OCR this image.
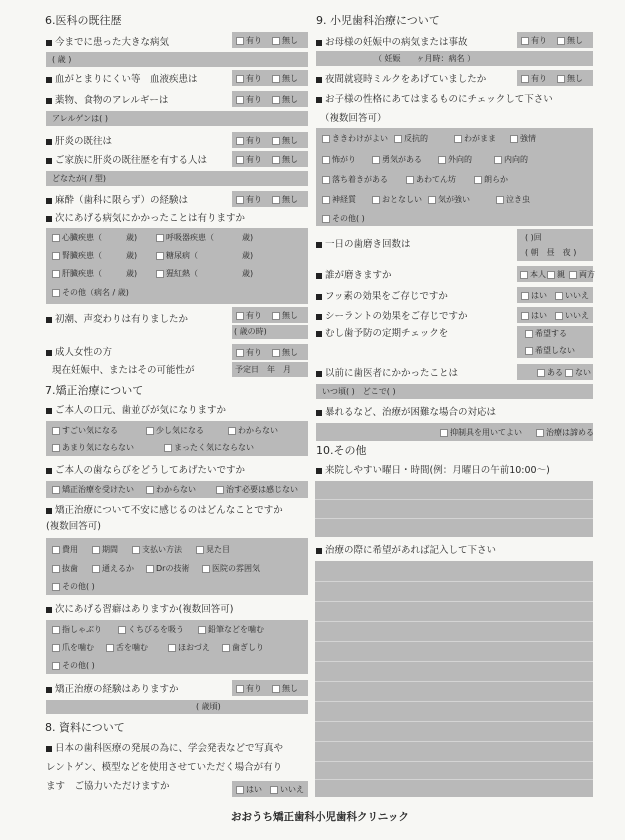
6.医科の既往歴
今までに患った大きな病気	有り	無し
( 歳 )
血がとまりにくい等　血液疾患は	有り	無し
薬物、食物のアレルギーは	有り	無し
アレルゲンは( )
肝炎の既往は	有り	無し
ご家族に肝炎の既往歴を有する人は	有り	無し
どなたが( / 型)
麻酔（歯科に限らず）の経験は	有り	無し
次にあげる病気にかかったことは有りますか
心臓疾患（	歳)	呼吸器疾患（	歳)
腎臓疾患（	歳)	糖尿病（	歳)
肝臓疾患（	歳)	猩紅熱（	歳)
その他（病名 / 歳)
初潮、声変わりは有りましたか	有り	無し
( 歳の時)
成人女性の方	有り	無し
現在妊娠中、またはその可能性が	予定日　年　月
7.矯正治療について
ご本人の口元、歯並びが気になりますか
すごい気になる	少し気になる	わからない
あまり気にならない	まったく気にならない
ご本人の歯ならびをどうしてあげたいですか
矯正治療を受けたい	わからない	治す必要は感じない
矯正治療について不安に感じるのはどんなことですか
(複数回答可)
費用	期間	支払い方法	見た目
抜歯	通えるか	Drの技術	医院の雰囲気
その他( )
次にあげる習癖はありますか(複数回答可)
指しゃぶり	くちびるを吸う	鉛筆などを噛む
爪を噛む	舌を噛む	ほおづえ	歯ぎしり
その他( )
矯正治療の経験はありますか	有り	無し
( 歳頃)
8. 資料について
日本の歯科医療の発展の為に、学会発表などで写真や
レントゲン、模型などを使用させていただく場合が有り
ます　ご協力いただけますか	はい	いいえ
9. 小児歯科治療について
お母様の妊娠中の病気または事故	有り	無し
（ 妊娠　　ヶ月時：病名 ）
夜間就寝時ミルクをあげていましたか	有り	無し
お子様の性格にあてはまるものにチェックして下さい
（複数回答可）
ききわけがよい	反抗的	わがまま	強情
怖がり	勇気がある	外向的	内向的
落ち着きがある	あわてん坊	朗らか
神経質	おとなしい	気が強い	泣き虫
その他( )
一日の歯磨き回数は
( )回
( 朝　昼　夜 )
誰が磨きますか	本人	親	両方
フッ素の効果をご存じですか	はい	いいえ
シーラントの効果をご存じですか	はい	いいえ
むし歯予防の定期チェックを	希望する
希望しない
以前に歯医者にかかったことは	ある	ない
いつ頃( )　どこで( )
暴れるなど、治療が困難な場合の対応は
抑制具を用いてよい	治療は諦める
10.その他
来院しやすい曜日・時間(例：月曜日の午前10:00～)
治療の際に希望があれば記入して下さい
おおうち矯正歯科小児歯科クリニック
